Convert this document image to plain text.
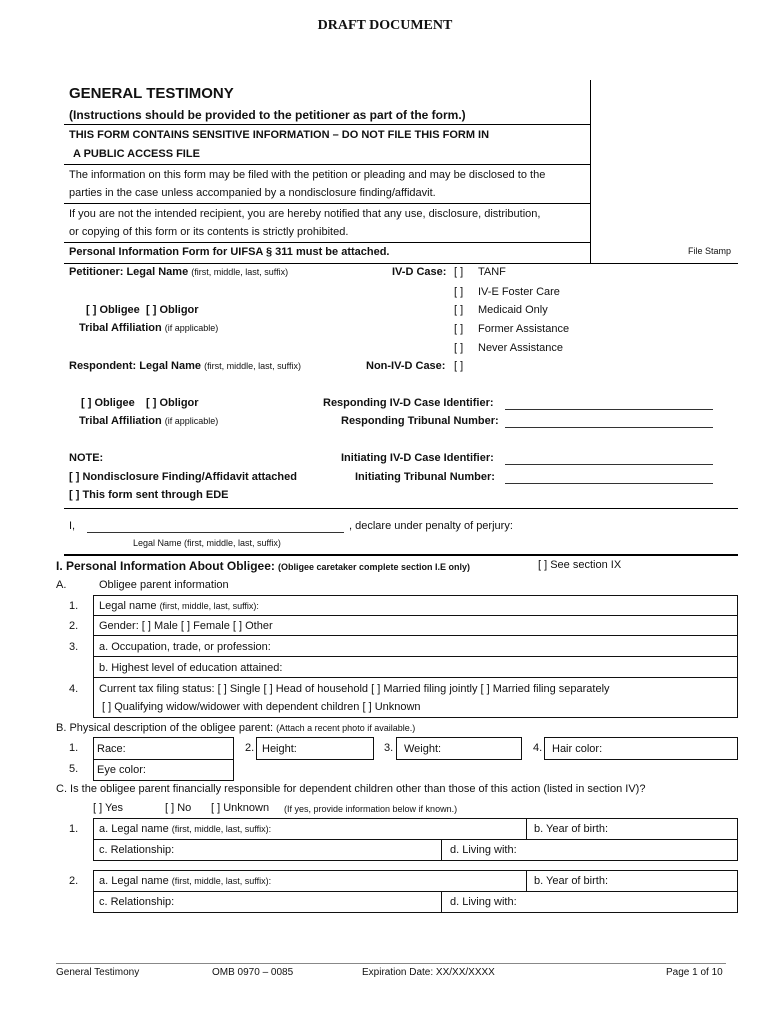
DRAFT DOCUMENT
GENERAL TESTIMONY
(Instructions should be provided to the petitioner as part of the form.)
THIS FORM CONTAINS SENSITIVE INFORMATION – DO NOT FILE THIS FORM IN
A PUBLIC ACCESS FILE
The information on this form may be filed with the petition or pleading and may be disclosed to the
parties in the case unless accompanied by a nondisclosure finding/affidavit.
If you are not the intended recipient, you are hereby notified that any use, disclosure, distribution,
or copying of this form or its contents is strictly prohibited.
Personal Information Form for UIFSA § 311 must be attached.	File Stamp
Petitioner: Legal Name (first, middle, last, suffix)
[ ] Obligee [ ] Obligor
Tribal Affiliation (if applicable)
IV-D Case: [ ] TANF
[ ] IV-E Foster Care
[ ] Medicaid Only
[ ] Former Assistance
[ ] Never Assistance
Respondent: Legal Name (first, middle, last, suffix)	Non-IV-D Case: [ ]
[ ] Obligee [ ] Obligor
Tribal Affiliation (if applicable)
Responding IV-D Case Identifier:
Responding Tribunal Number:
NOTE:	Initiating IV-D Case Identifier:
[ ] Nondisclosure Finding/Affidavit attached	Initiating Tribunal Number:
[ ] This form sent through EDE
I,	, declare under penalty of perjury:
Legal Name (first, middle, last, suffix)
I. Personal Information About Obligee: (Obligee caretaker complete section I.E only)	[ ] See section IX
A.	Obligee parent information
1. Legal name (first, middle, last, suffix):
2. Gender: [ ] Male [ ] Female [ ] Other
3. a. Occupation, trade, or profession:
b. Highest level of education attained:
4. Current tax filing status: [ ] Single [ ] Head of household [ ] Married filing jointly [ ] Married filing separately
[ ] Qualifying widow/widower with dependent children [ ] Unknown
B. Physical description of the obligee parent: (Attach a recent photo if available.)
1. Race:	2. Height:	3. Weight:	4. Hair color:
5. Eye color:
C. Is the obligee parent financially responsible for dependent children other than those of this action (listed in section IV)?
[ ] Yes	[ ] No [ ] Unknown (If yes, provide information below if known.)
1. a. Legal name (first, middle, last, suffix):	b. Year of birth:
c. Relationship:	d. Living with:
2. a. Legal name (first, middle, last, suffix):	b. Year of birth:
c. Relationship:	d. Living with:
General Testimony	OMB 0970 – 0085	Expiration Date: XX/XX/XXXX	Page 1 of 10
